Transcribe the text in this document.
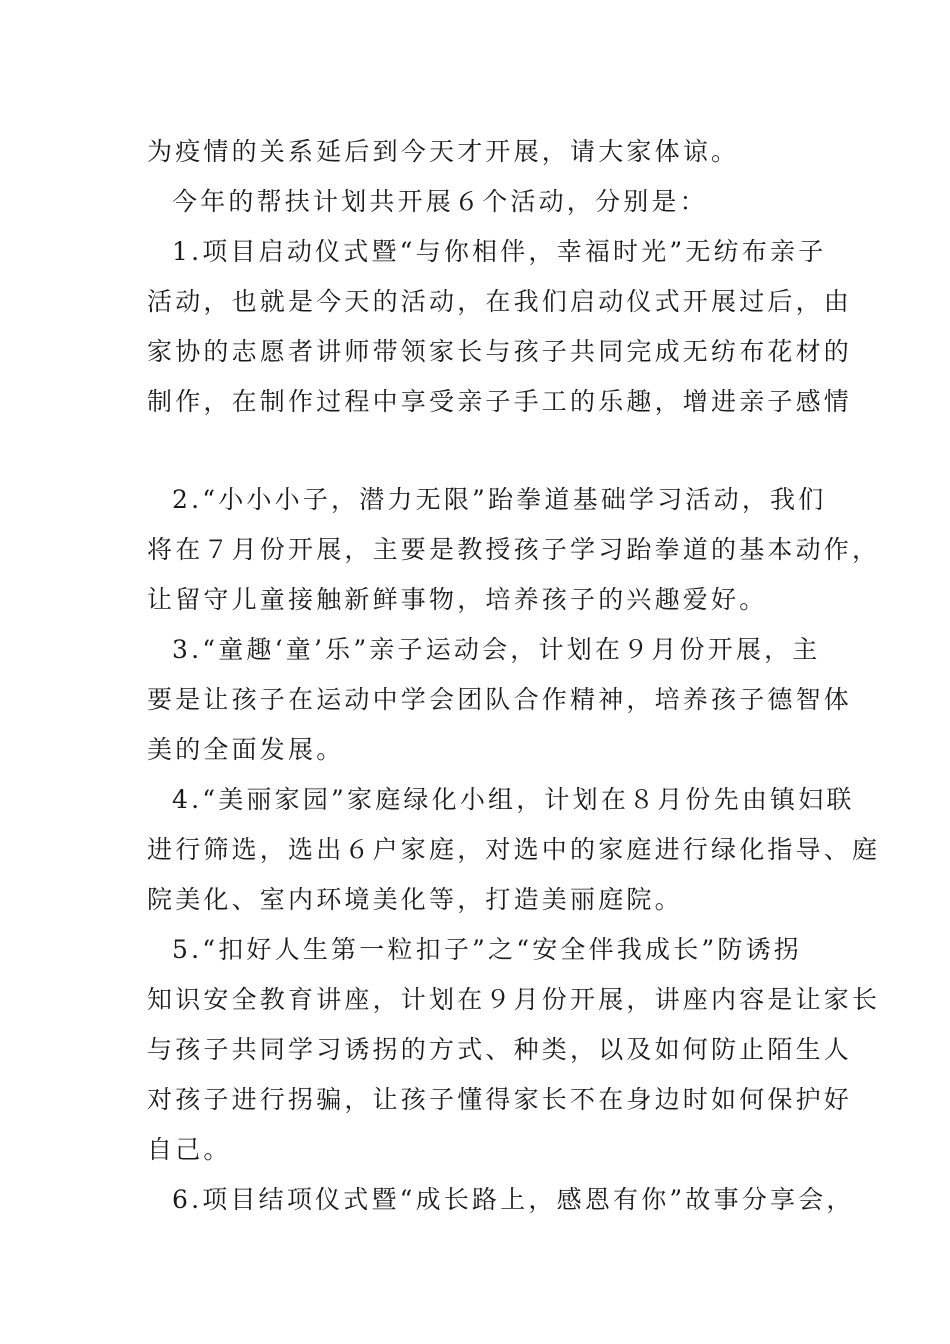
为疫情的关系延后到今天才开展，请大家体谅。
今年的帮扶计划共开展６个活动，分别是：
1.项目启动仪式暨“与你相伴，幸福时光”无纺布亲子
活动，也就是今天的活动，在我们启动仪式开展过后，由
家协的志愿者讲师带领家长与孩子共同完成无纺布花材的
制作，在制作过程中享受亲子手工的乐趣，增进亲子感情
2.“小小小子，潜力无限”跆拳道基础学习活动，我们
将在７月份开展，主要是教授孩子学习跆拳道的基本动作，
让留守儿童接触新鲜事物，培养孩子的兴趣爱好。
3.“童趣‘童’乐”亲子运动会，计划在９月份开展，主
要是让孩子在运动中学会团队合作精神，培养孩子德智体
美的全面发展。
4.“美丽家园”家庭绿化小组，计划在８月份先由镇妇联
进行筛选，选出６户家庭，对选中的家庭进行绿化指导、庭
院美化、室内环境美化等，打造美丽庭院。
5.“扣好人生第一粒扣子”之“安全伴我成长”防诱拐
知识安全教育讲座，计划在９月份开展，讲座内容是让家长
与孩子共同学习诱拐的方式、种类，以及如何防止陌生人
对孩子进行拐骗，让孩子懂得家长不在身边时如何保护好
自己。
6.项目结项仪式暨“成长路上，感恩有你”故事分享会，
